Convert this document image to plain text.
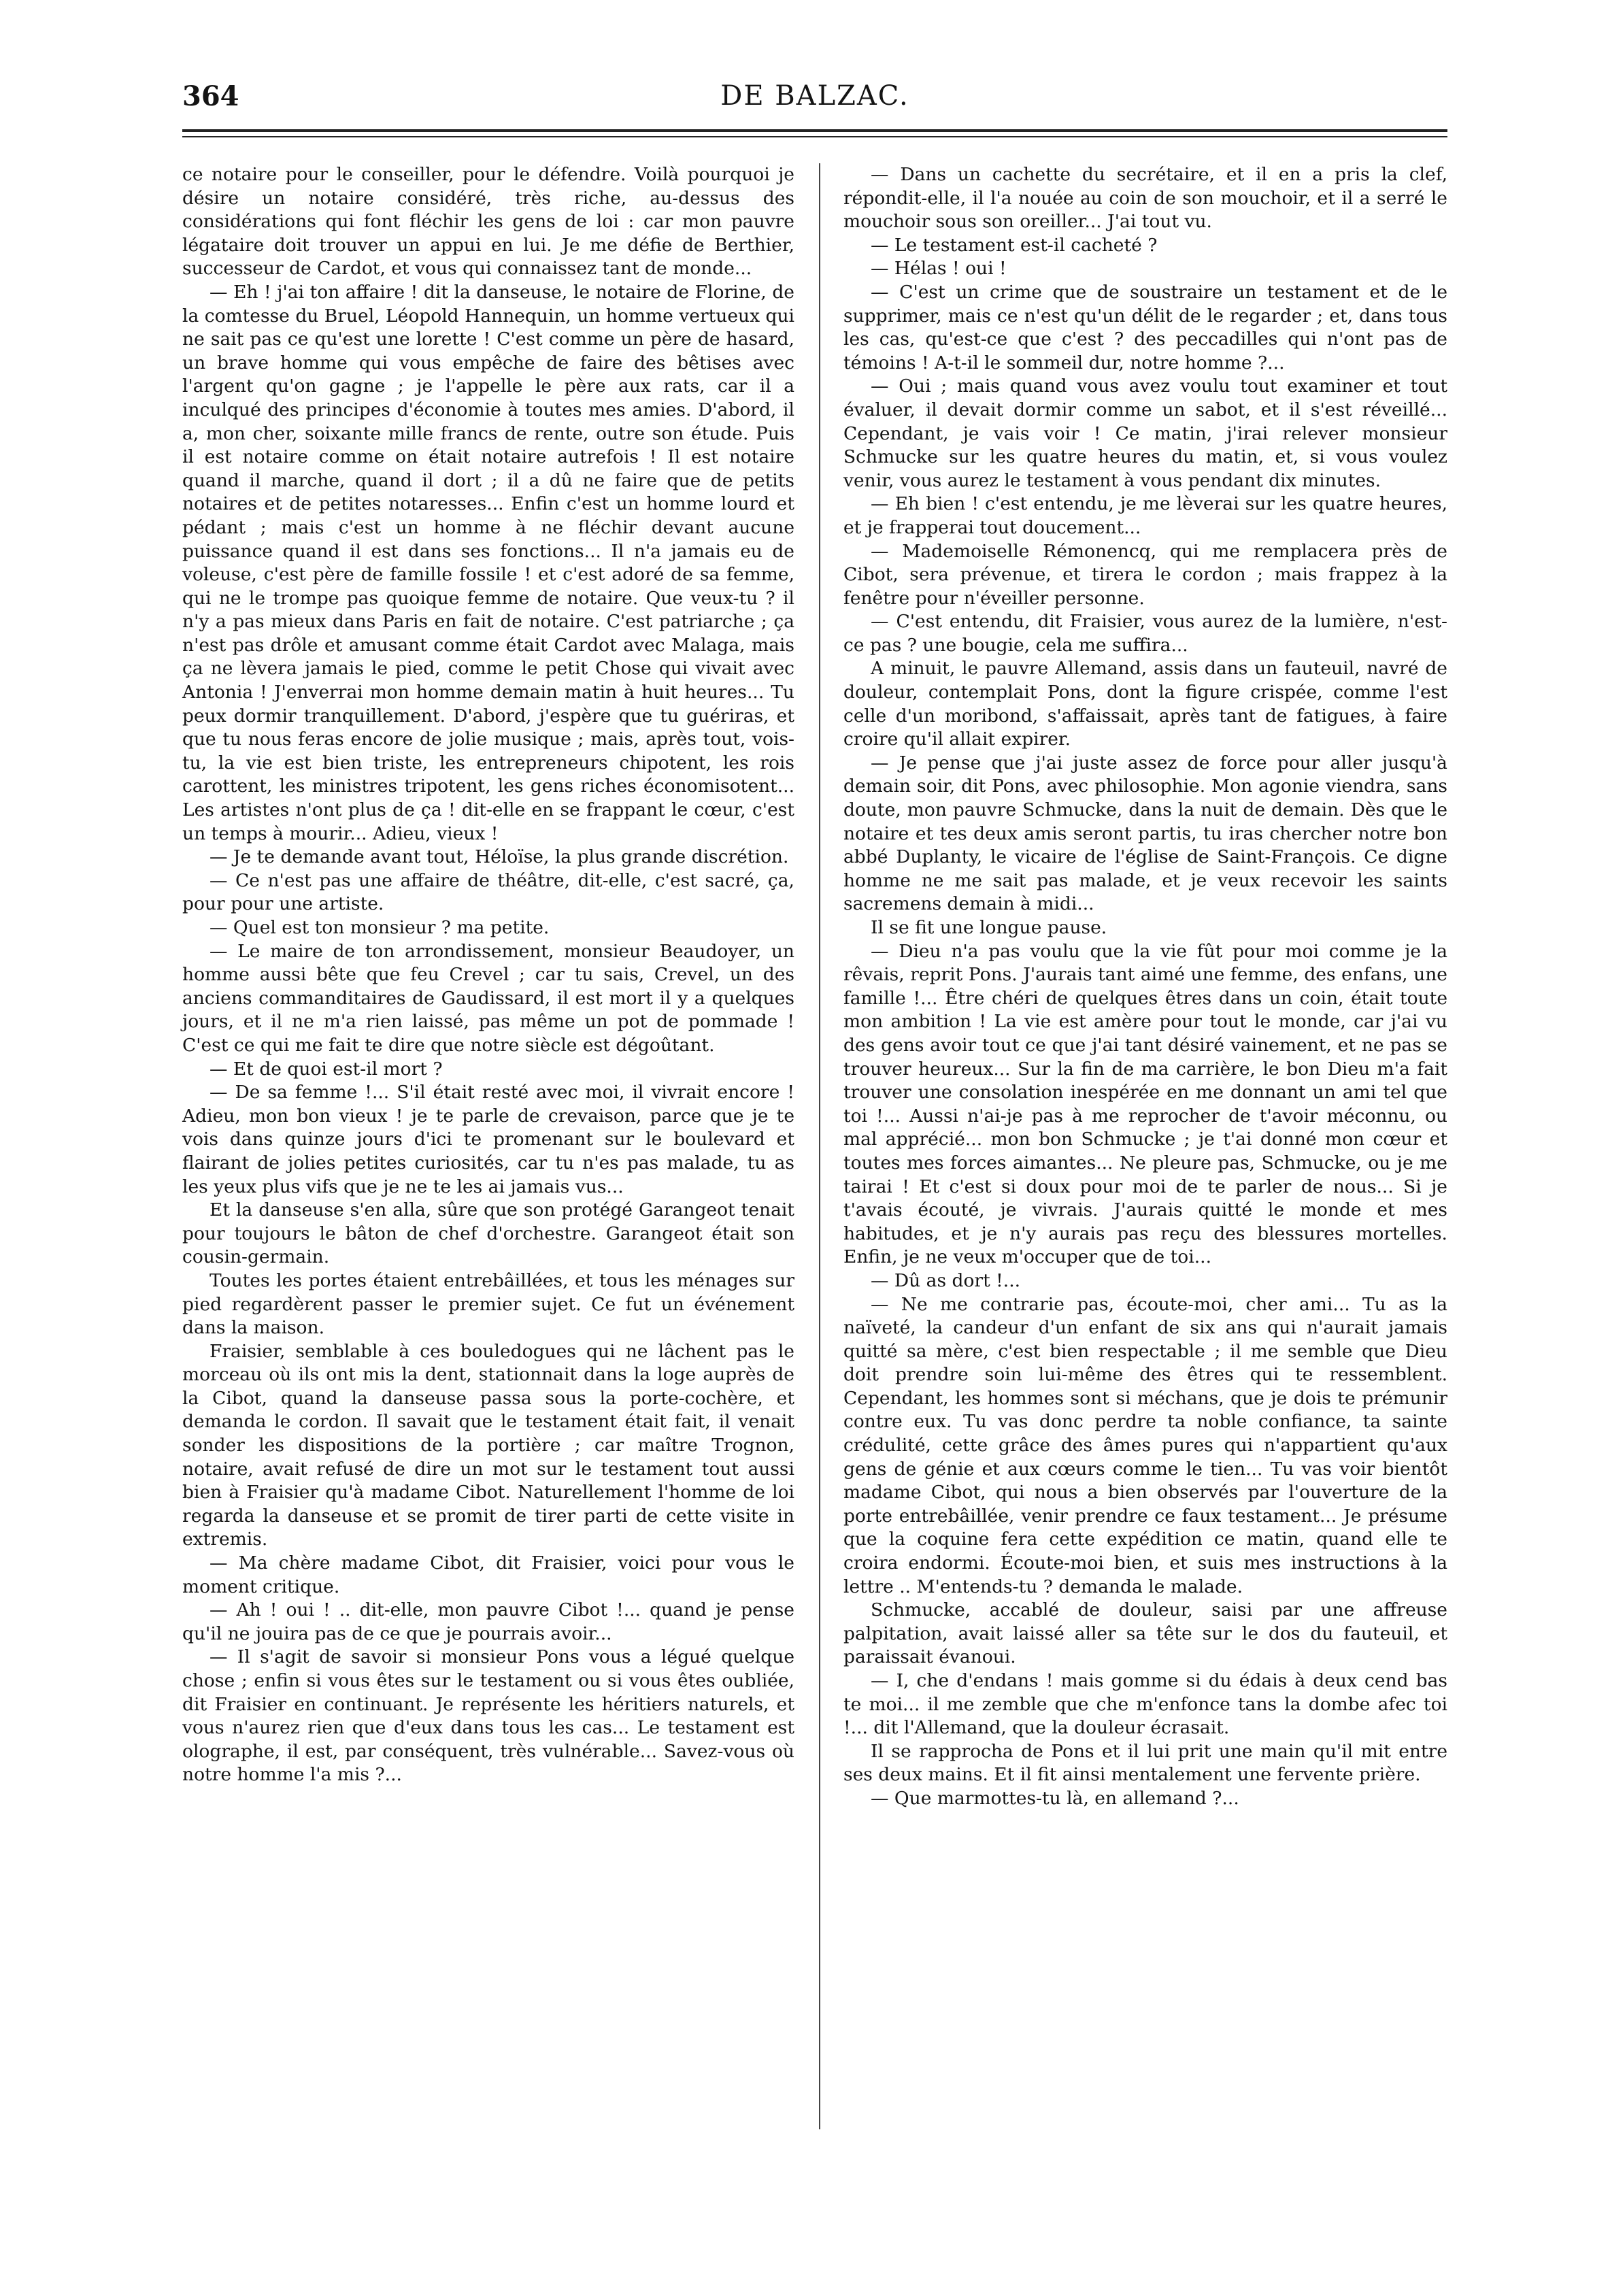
364	DE BALZAC.

ce notaire pour le conseiller, pour le défendre. Voilà pourquoi je désire un notaire considéré, très riche, au-dessus des considérations qui font fléchir les gens de loi : car mon pauvre légataire doit trouver un appui en lui. Je me défie de Berthier, successeur de Cardot, et vous qui connaissez tant de monde...

— Eh ! j'ai ton affaire ! dit la danseuse, le notaire de Florine, de la comtesse du Bruel, Léopold Hannequin, un homme vertueux qui ne sait pas ce qu'est une lorette ! C'est comme un père de hasard, un brave homme qui vous empêche de faire des bêtises avec l'argent qu'on gagne ; je l'appelle le père aux rats, car il a inculqué des principes d'économie à toutes mes amies. D'abord, il a, mon cher, soixante mille francs de rente, outre son étude. Puis il est notaire comme on était notaire autrefois ! Il est notaire quand il marche, quand il dort ; il a dû ne faire que de petits notaires et de petites notaresses... Enfin c'est un homme lourd et pédant ; mais c'est un homme à ne fléchir devant aucune puissance quand il est dans ses fonctions... Il n'a jamais eu de voleuse, c'est père de famille fossile ! et c'est adoré de sa femme, qui ne le trompe pas quoique femme de notaire. Que veux-tu ? il n'y a pas mieux dans Paris en fait de notaire. C'est patriarche ; ça n'est pas drôle et amusant comme était Cardot avec Malaga, mais ça ne lèvera jamais le pied, comme le petit Chose qui vivait avec Antonia ! J'enverrai mon homme demain matin à huit heures... Tu peux dormir tranquillement. D'abord, j'espère que tu guériras, et que tu nous feras encore de jolie musique ; mais, après tout, vois-tu, la vie est bien triste, les entrepreneurs chipotent, les rois carottent, les ministres tripotent, les gens riches économisotent... Les artistes n'ont plus de ça ! dit-elle en se frappant le cœur, c'est un temps à mourir... Adieu, vieux !

— Je te demande avant tout, Héloïse, la plus grande discrétion.

— Ce n'est pas une affaire de théâtre, dit-elle, c'est sacré, ça, pour pour une artiste.

— Quel est ton monsieur ? ma petite.

— Le maire de ton arrondissement, monsieur Beaudoyer, un homme aussi bête que feu Crevel ; car tu sais, Crevel, un des anciens commanditaires de Gaudissard, il est mort il y a quelques jours, et il ne m'a rien laissé, pas même un pot de pommade ! C'est ce qui me fait te dire que notre siècle est dégoûtant.

— Et de quoi est-il mort ?

— De sa femme !... S'il était resté avec moi, il vivrait encore ! Adieu, mon bon vieux ! je te parle de crevaison, parce que je te vois dans quinze jours d'ici te promenant sur le boulevard et flairant de jolies petites curiosités, car tu n'es pas malade, tu as les yeux plus vifs que je ne te les ai jamais vus...

Et la danseuse s'en alla, sûre que son protégé Garangeot tenait pour toujours le bâton de chef d'orchestre. Garangeot était son cousin-germain.

Toutes les portes étaient entrebâillées, et tous les ménages sur pied regardèrent passer le premier sujet. Ce fut un événement dans la maison.

Fraisier, semblable à ces bouledogues qui ne lâchent pas le morceau où ils ont mis la dent, stationnait dans la loge auprès de la Cibot, quand la danseuse passa sous la porte-cochère, et demanda le cordon. Il savait que le testament était fait, il venait sonder les dispositions de la portière ; car maître Trognon, notaire, avait refusé de dire un mot sur le testament tout aussi bien à Fraisier qu'à madame Cibot. Naturellement l'homme de loi regarda la danseuse et se promit de tirer parti de cette visite in extremis.

— Ma chère madame Cibot, dit Fraisier, voici pour vous le moment critique.

— Ah ! oui ! .. dit-elle, mon pauvre Cibot !... quand je pense qu'il ne jouira pas de ce que je pourrais avoir...

— Il s'agit de savoir si monsieur Pons vous a légué quelque chose ; enfin si vous êtes sur le testament ou si vous êtes oubliée, dit Fraisier en continuant. Je représente les héritiers naturels, et vous n'aurez rien que d'eux dans tous les cas... Le testament est olographe, il est, par conséquent, très vulnérable... Savez-vous où notre homme l'a mis ?...

— Dans un cachette du secrétaire, et il en a pris la clef, répondit-elle, il l'a nouée au coin de son mouchoir, et il a serré le mouchoir sous son oreiller... J'ai tout vu.

— Le testament est-il cacheté ?

— Hélas ! oui !

— C'est un crime que de soustraire un testament et de le supprimer, mais ce n'est qu'un délit de le regarder ; et, dans tous les cas, qu'est-ce que c'est ? des peccadilles qui n'ont pas de témoins ! A-t-il le sommeil dur, notre homme ?...

— Oui ; mais quand vous avez voulu tout examiner et tout évaluer, il devait dormir comme un sabot, et il s'est réveillé... Cependant, je vais voir ! Ce matin, j'irai relever monsieur Schmucke sur les quatre heures du matin, et, si vous voulez venir, vous aurez le testament à vous pendant dix minutes.

— Eh bien ! c'est entendu, je me lèverai sur les quatre heures, et je frapperai tout doucement...

— Mademoiselle Rémonencq, qui me remplacera près de Cibot, sera prévenue, et tirera le cordon ; mais frappez à la fenêtre pour n'éveiller personne.

— C'est entendu, dit Fraisier, vous aurez de la lumière, n'est-ce pas ? une bougie, cela me suffira...

A minuit, le pauvre Allemand, assis dans un fauteuil, navré de douleur, contemplait Pons, dont la figure crispée, comme l'est celle d'un moribond, s'affaissait, après tant de fatigues, à faire croire qu'il allait expirer.

— Je pense que j'ai juste assez de force pour aller jusqu'à demain soir, dit Pons, avec philosophie. Mon agonie viendra, sans doute, mon pauvre Schmucke, dans la nuit de demain. Dès que le notaire et tes deux amis seront partis, tu iras chercher notre bon abbé Duplanty, le vicaire de l'église de Saint-François. Ce digne homme ne me sait pas malade, et je veux recevoir les saints sacremens demain à midi...

Il se fit une longue pause.

— Dieu n'a pas voulu que la vie fût pour moi comme je la rêvais, reprit Pons. J'aurais tant aimé une femme, des enfans, une famille !... Être chéri de quelques êtres dans un coin, était toute mon ambition ! La vie est amère pour tout le monde, car j'ai vu des gens avoir tout ce que j'ai tant désiré vainement, et ne pas se trouver heureux... Sur la fin de ma carrière, le bon Dieu m'a fait trouver une consolation inespérée en me donnant un ami tel que toi !... Aussi n'ai-je pas à me reprocher de t'avoir méconnu, ou mal apprécié... mon bon Schmucke ; je t'ai donné mon cœur et toutes mes forces aimantes... Ne pleure pas, Schmucke, ou je me tairai ! Et c'est si doux pour moi de te parler de nous... Si je t'avais écouté, je vivrais. J'aurais quitté le monde et mes habitudes, et je n'y aurais pas reçu des blessures mortelles. Enfin, je ne veux m'occuper que de toi...

— Dû as dort !...

— Ne me contrarie pas, écoute-moi, cher ami... Tu as la naïveté, la candeur d'un enfant de six ans qui n'aurait jamais quitté sa mère, c'est bien respectable ; il me semble que Dieu doit prendre soin lui-même des êtres qui te ressemblent. Cependant, les hommes sont si méchans, que je dois te prémunir contre eux. Tu vas donc perdre ta noble confiance, ta sainte crédulité, cette grâce des âmes pures qui n'appartient qu'aux gens de génie et aux cœurs comme le tien... Tu vas voir bientôt madame Cibot, qui nous a bien observés par l'ouverture de la porte entrebâillée, venir prendre ce faux testament... Je présume que la coquine fera cette expédition ce matin, quand elle te croira endormi. Écoute-moi bien, et suis mes instructions à la lettre .. M'entends-tu ? demanda le malade.

Schmucke, accablé de douleur, saisi par une affreuse palpitation, avait laissé aller sa tête sur le dos du fauteuil, et paraissait évanoui.

— I, che d'endans ! mais gomme si du édais à deux cend bas te moi... il me zemble que che m'enfonce tans la dombe afec toi !... dit l'Allemand, que la douleur écrasait.

Il se rapprocha de Pons et il lui prit une main qu'il mit entre ses deux mains. Et il fit ainsi mentalement une fervente prière.

— Que marmottes-tu là, en allemand ?...
